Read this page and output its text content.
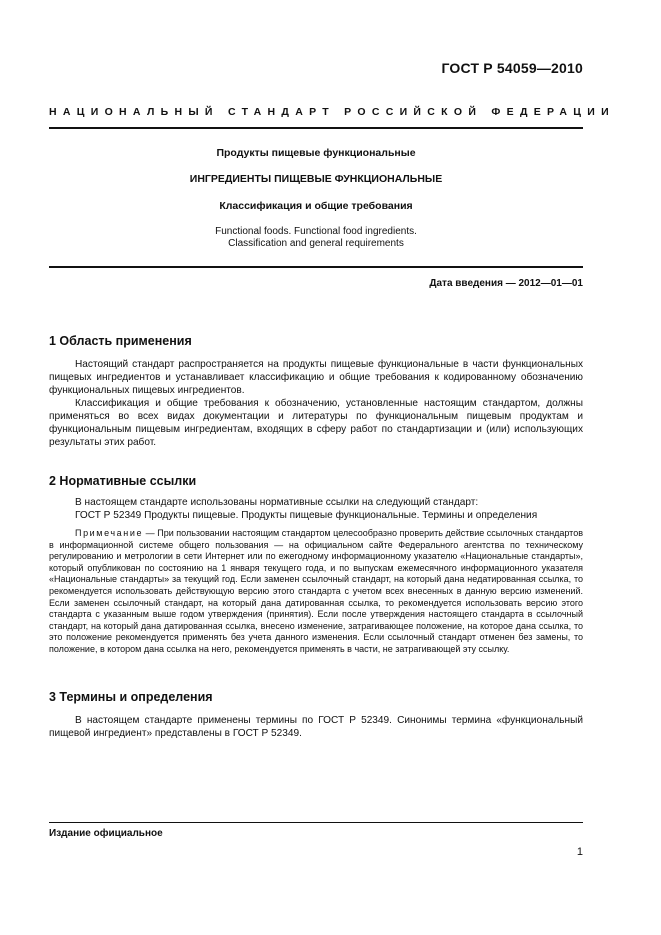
ГОСТ Р 54059—2010
НАЦИОНАЛЬНЫЙ СТАНДАРТ РОССИЙСКОЙ ФЕДЕРАЦИИ
Продукты пищевые функциональные
ИНГРЕДИЕНТЫ ПИЩЕВЫЕ ФУНКЦИОНАЛЬНЫЕ
Классификация и общие требования
Functional foods. Functional food ingredients.
Classification and general requirements
Дата введения — 2012—01—01
1 Область применения

Настоящий стандарт распространяется на продукты пищевые функциональные в части функциональных пищевых ингредиентов и устанавливает классификацию и общие требования к кодированному обозначению функциональных пищевых ингредиентов.

Классификация и общие требования к обозначению, установленные настоящим стандартом, должны применяться во всех видах документации и литературы по функциональным пищевым продуктам и функциональным пищевым ингредиентам, входящих в сферу работ по стандартизации и (или) использующих результаты этих работ.

2 Нормативные ссылки

В настоящем стандарте использованы нормативные ссылки на следующий стандарт:

ГОСТ Р 52349 Продукты пищевые. Продукты пищевые функциональные. Термины и определения

Примечание — При пользовании настоящим стандартом целесообразно проверить действие ссылочных стандартов в информационной системе общего пользования — на официальном сайте Федерального агентства по техническому регулированию и метрологии в сети Интернет или по ежегодному информационному указателю «Национальные стандарты», который опубликован по состоянию на 1 января текущего года, и по выпускам ежемесячного информационного указателя «Национальные стандарты» за текущий год. Если заменен ссылочный стандарт, на который дана недатированная ссылка, то рекомендуется использовать действующую версию этого стандарта с учетом всех внесенных в данную версию изменений. Если заменен ссылочный стандарт, на который дана датированная ссылка, то рекомендуется использовать версию этого стандарта с указанным выше годом утверждения (принятия). Если после утверждения настоящего стандарта в ссылочный стандарт, на который дана датированная ссылка, внесено изменение, затрагивающее положение, на которое дана ссылка, то это положение рекомендуется применять без учета данного изменения. Если ссылочный стандарт отменен без замены, то положение, в котором дана ссылка на него, рекомендуется применять в части, не затрагивающей эту ссылку.
3 Термины и определения

В настоящем стандарте применены термины по ГОСТ Р 52349. Синонимы термина «функциональный пищевой ингредиент» представлены в ГОСТ Р 52349.

Издание официальное
1
